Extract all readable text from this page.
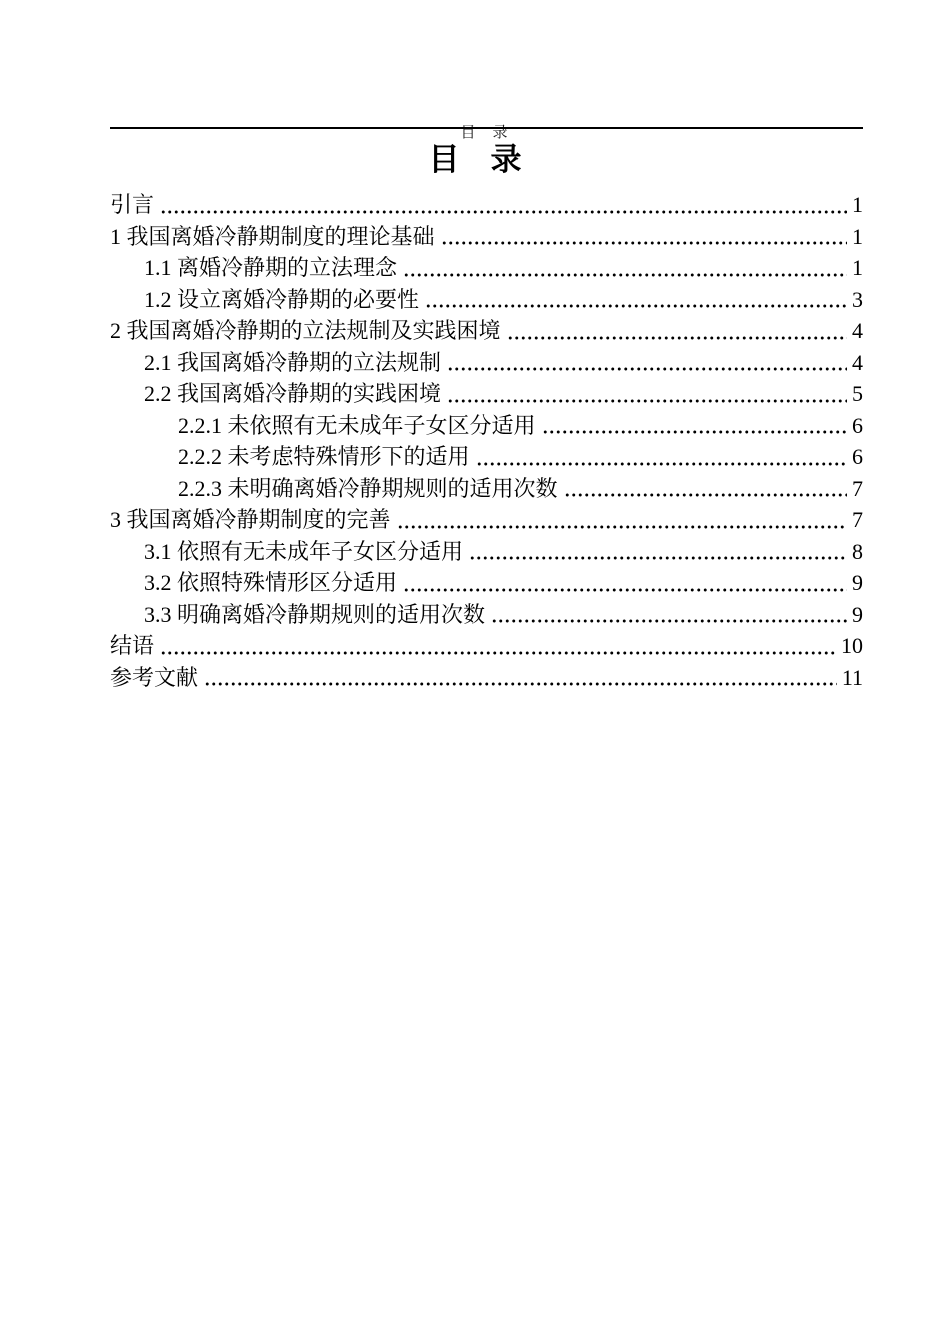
目　录

目　录
引言	1
1 我国离婚冷静期制度的理论基础	1
1.1 离婚冷静期的立法理念	1
1.2 设立离婚冷静期的必要性	3
2 我国离婚冷静期的立法规制及实践困境	4
2.1 我国离婚冷静期的立法规制	4
2.2 我国离婚冷静期的实践困境	5
2.2.1 未依照有无未成年子女区分适用	6
2.2.2 未考虑特殊情形下的适用	6
2.2.3 未明确离婚冷静期规则的适用次数	7
3 我国离婚冷静期制度的完善	7
3.1 依照有无未成年子女区分适用	8
3.2 依照特殊情形区分适用	9
3.3 明确离婚冷静期规则的适用次数	9
结语	10
参考文献	11
